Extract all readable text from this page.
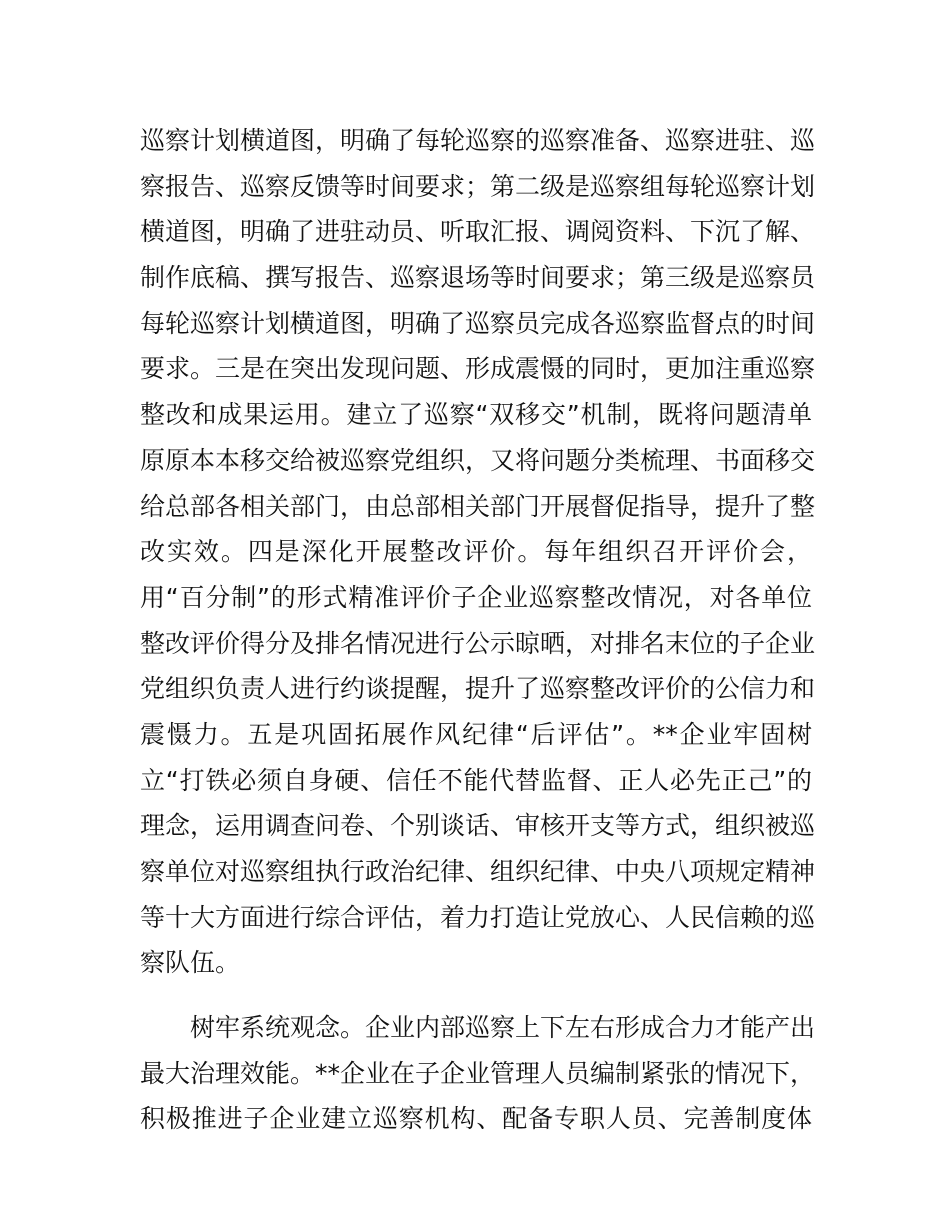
巡察计划横道图，明确了每轮巡察的巡察准备、巡察进驻、巡
察报告、巡察反馈等时间要求；第二级是巡察组每轮巡察计划
横道图，明确了进驻动员、听取汇报、调阅资料、下沉了解、
制作底稿、撰写报告、巡察退场等时间要求；第三级是巡察员
每轮巡察计划横道图，明确了巡察员完成各巡察监督点的时间
要求。三是在突出发现问题、形成震慑的同时，更加注重巡察
整改和成果运用。建立了巡察“双移交”机制，既将问题清单
原原本本移交给被巡察党组织，又将问题分类梳理、书面移交
给总部各相关部门，由总部相关部门开展督促指导，提升了整
改实效。四是深化开展整改评价。每年组织召开评价会，
用“百分制”的形式精准评价子企业巡察整改情况，对各单位
整改评价得分及排名情况进行公示晾晒，对排名末位的子企业
党组织负责人进行约谈提醒，提升了巡察整改评价的公信力和
震慑力。五是巩固拓展作风纪律“后评估”。**企业牢固树
立“打铁必须自身硬、信任不能代替监督、正人必先正己”的
理念，运用调查问卷、个别谈话、审核开支等方式，组织被巡
察单位对巡察组执行政治纪律、组织纪律、中央八项规定精神
等十大方面进行综合评估，着力打造让党放心、人民信赖的巡
察队伍。
树牢系统观念。企业内部巡察上下左右形成合力才能产出
最大治理效能。**企业在子企业管理人员编制紧张的情况下，
积极推进子企业建立巡察机构、配备专职人员、完善制度体
